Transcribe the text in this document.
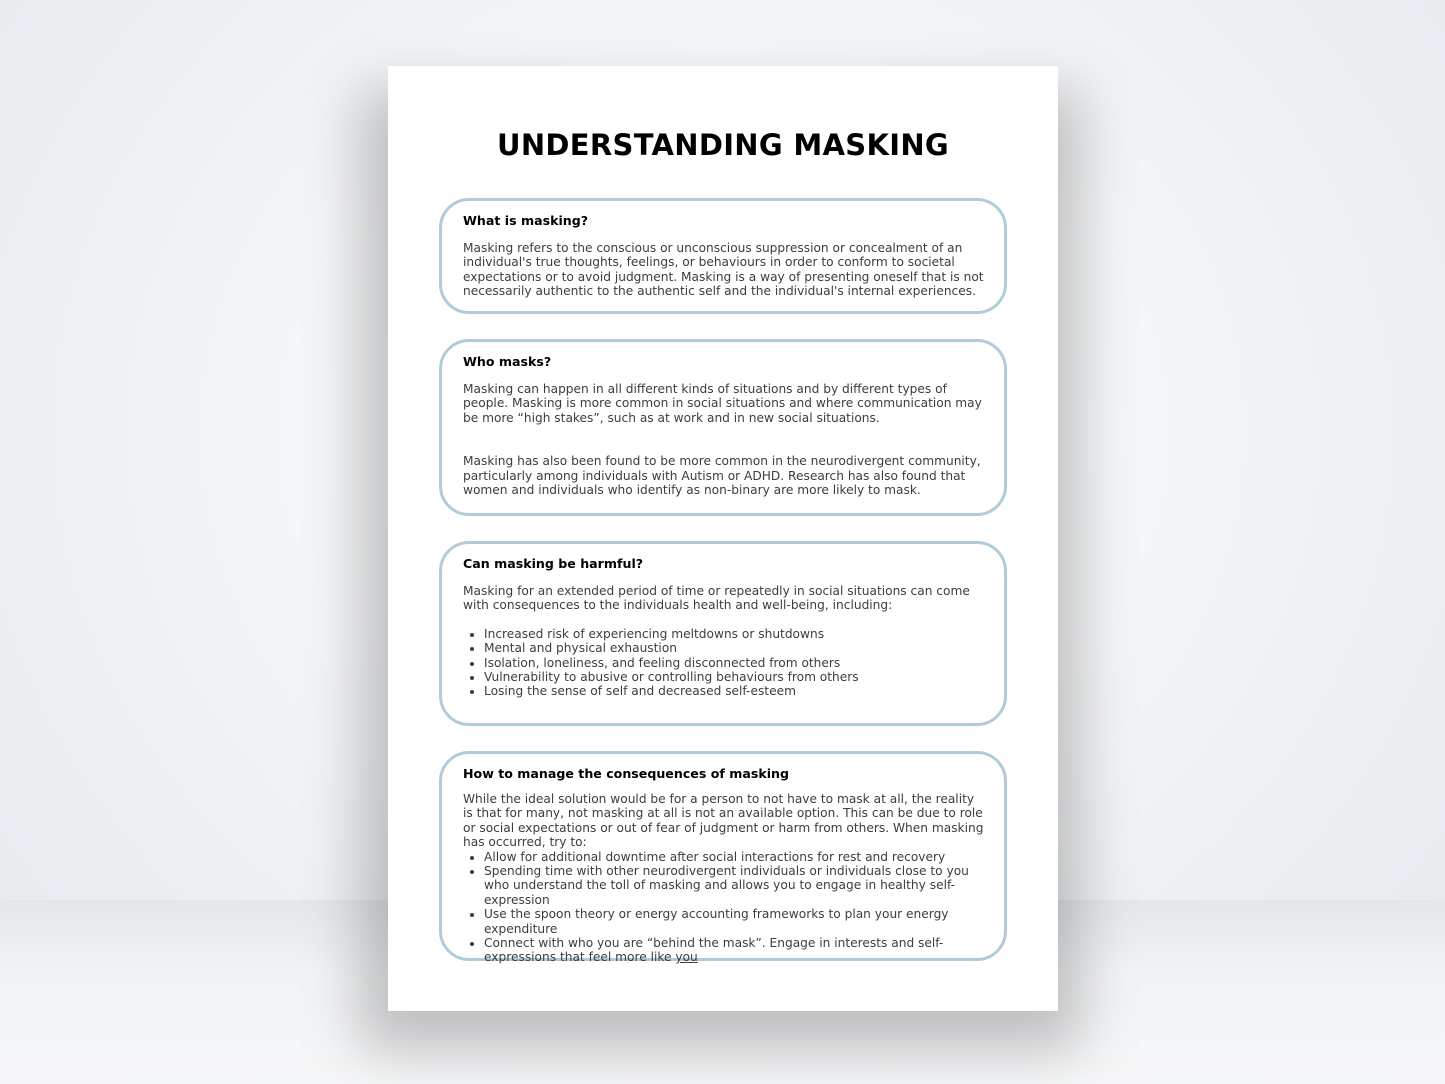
UNDERSTANDING MASKING
What is masking?

Masking refers to the conscious or unconscious suppression or concealment of an individual's true thoughts, feelings, or behaviours in order to conform to societal expectations or to avoid judgment. Masking is a way of presenting oneself that is not necessarily authentic to the authentic self and the individual's internal experiences.

Who masks?

Masking can happen in all different kinds of situations and by different types of people. Masking is more common in social situations and where communication may be more “high stakes”, such as at work and in new social situations.

Masking has also been found to be more common in the neurodivergent community, particularly among individuals with Autism or ADHD. Research has also found that women and individuals who identify as non-binary are more likely to mask.

Can masking be harmful?

Masking for an extended period of time or repeatedly in social situations can come with consequences to the individuals health and well-being, including:

• Increased risk of experiencing meltdowns or shutdowns
• Mental and physical exhaustion
• Isolation, loneliness, and feeling disconnected from others
• Vulnerability to abusive or controlling behaviours from others
• Losing the sense of self and decreased self-esteem
How to manage the consequences of masking

While the ideal solution would be for a person to not have to mask at all, the reality is that for many, not masking at all is not an available option. This can be due to role or social expectations or out of fear of judgment or harm from others. When masking has occurred, try to:

• Allow for additional downtime after social interactions for rest and recovery
• Spending time with other neurodivergent individuals or individuals close to you who understand the toll of masking and allows you to engage in healthy self-expression
• Use the spoon theory or energy accounting frameworks to plan your energy expenditure
• Connect with who you are “behind the mask”. Engage in interests and self-expressions that feel more like you
